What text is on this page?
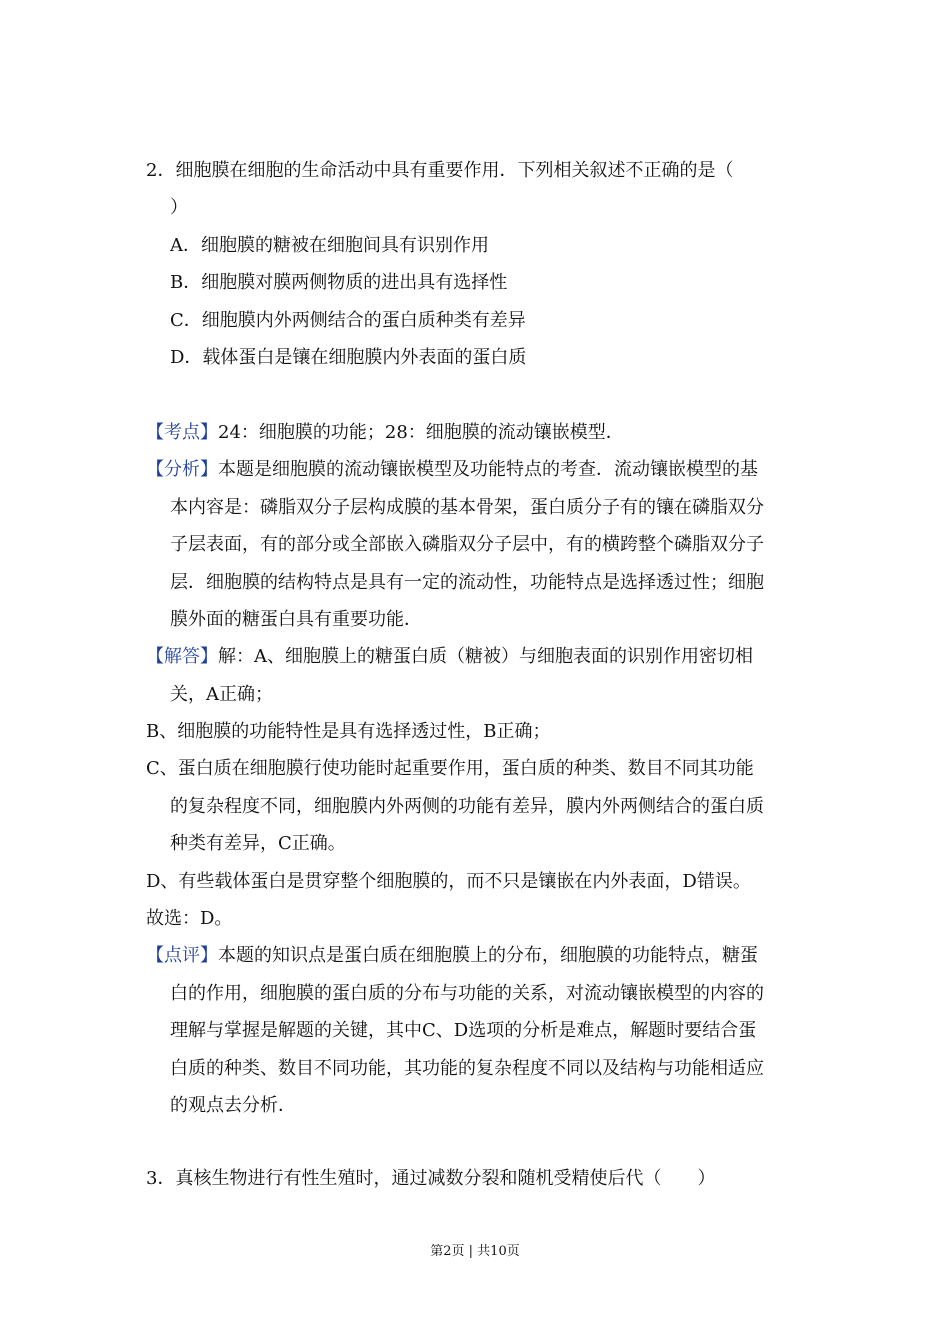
2．细胞膜在细胞的生命活动中具有重要作用．下列相关叙述不正确的是（
）
A．细胞膜的糖被在细胞间具有识别作用
B．细胞膜对膜两侧物质的进出具有选择性
C．细胞膜内外两侧结合的蛋白质种类有差异
D．载体蛋白是镶在细胞膜内外表面的蛋白质
【考点】24：细胞膜的功能；28：细胞膜的流动镶嵌模型．
【分析】本题是细胞膜的流动镶嵌模型及功能特点的考查．流动镶嵌模型的基
本内容是：磷脂双分子层构成膜的基本骨架，蛋白质分子有的镶在磷脂双分
子层表面，有的部分或全部嵌入磷脂双分子层中，有的横跨整个磷脂双分子
层．细胞膜的结构特点是具有一定的流动性，功能特点是选择透过性；细胞
膜外面的糖蛋白具有重要功能．
【解答】解：A、细胞膜上的糖蛋白质（糖被）与细胞表面的识别作用密切相
关，A正确；
B、细胞膜的功能特性是具有选择透过性，B正确；
C、蛋白质在细胞膜行使功能时起重要作用，蛋白质的种类、数目不同其功能
的复杂程度不同，细胞膜内外两侧的功能有差异，膜内外两侧结合的蛋白质
种类有差异，C正确。
D、有些载体蛋白是贯穿整个细胞膜的，而不只是镶嵌在内外表面，D错误。
故选：D。
【点评】本题的知识点是蛋白质在细胞膜上的分布，细胞膜的功能特点，糖蛋
白的作用，细胞膜的蛋白质的分布与功能的关系，对流动镶嵌模型的内容的
理解与掌握是解题的关键，其中C、D选项的分析是难点，解题时要结合蛋
白质的种类、数目不同功能，其功能的复杂程度不同以及结构与功能相适应
的观点去分析．
3．真核生物进行有性生殖时，通过减数分裂和随机受精使后代（　　）
第2页 | 共10页
